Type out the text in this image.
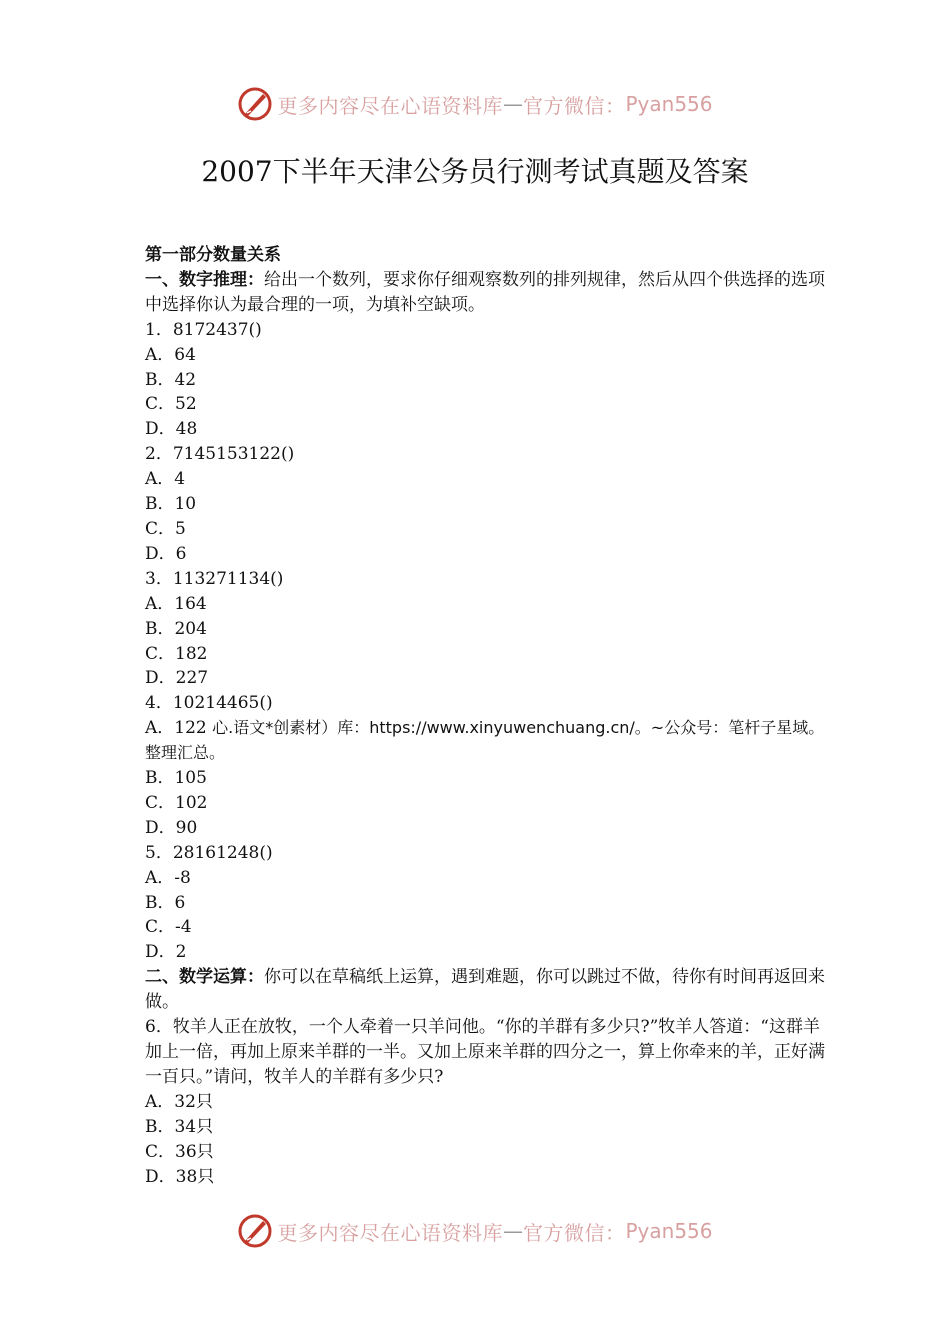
更多内容尽在心语资料库 — 官方微信： Pyan556
2007下半年天津公务员行测考试真题及答案
第一部分数量关系
一、数字推理：给出一个数列，要求你仔细观察数列的排列规律，然后从四个供选择的选项中选择你认为最合理的一项，为填补空缺项。
1．8172437()
A．64
B．42
C．52
D．48
2．7145153122()
A．4
B．10
C．5
D．6
3．113271134()
A．164
B．204
C．182
D．227
4．10214465()
A．122 心.语文*创素材）库：https://www.xinyuwenchuang.cn/。~公众号：笔杆子星域。整理汇总。
B．105
C．102
D．90
5．28161248()
A．-8
B．6
C．-4
D．2
二、数学运算：你可以在草稿纸上运算，遇到难题，你可以跳过不做，待你有时间再返回来做。
6．牧羊人正在放牧，一个人牵着一只羊问他。“你的羊群有多少只?”牧羊人答道：“这群羊加上一倍，再加上原来羊群的一半。又加上原来羊群的四分之一，算上你牵来的羊，正好满一百只。”请问，牧羊人的羊群有多少只?
A．32只
B．34只
C．36只
D．38只
更多内容尽在心语资料库 — 官方微信： Pyan556
